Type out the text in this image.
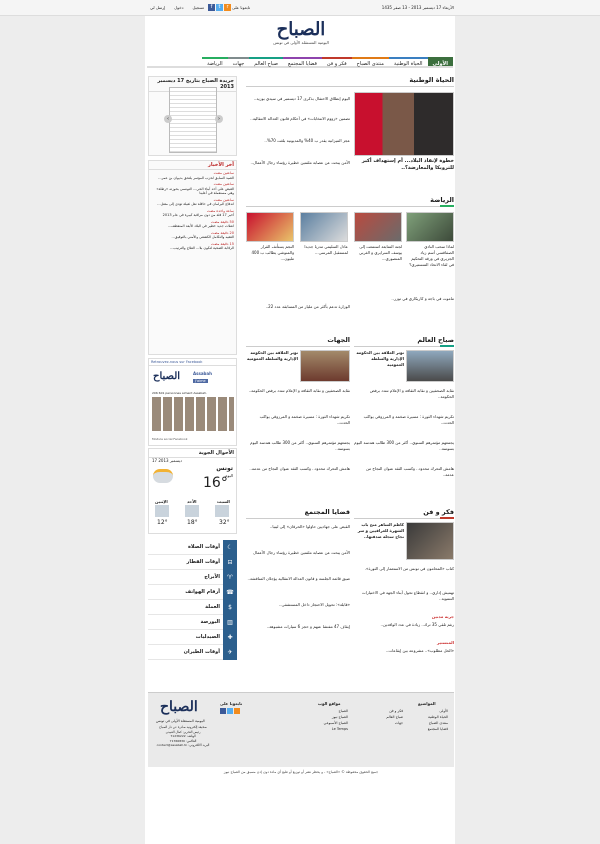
تسجيل
دخول
إرسل لي	f	t	r تابعونا على	الأربعاء 17 ديسمبر 2013 - 13 صفر 1435
الصباح
اليومية المستقلة الأولى في تونس
الأولى
الحياة الوطنية
منتدى الصباح
فكر و فن
قضايا المجتمع
صباح العالم
جهات
الرياضة
جريدة الصباح بتاريخ 17 ديسمبر 2013
‹	›
آخر الأخبار
ساعتين مضت
الصيد السابق لحزب المؤتمر يلتحق بديوان بن عمر...
ساعتين مضت
القبض على أحد أبناء الحي... التونسي بحوزته «رطلة» وهي مستعملة في أعلينا
ساعتين مضت
اندفاع البرلمان في حافلة نقل ثقيلة تؤدي إلى مقتل...
ساعة واحدة مضت
أخبر 17 فئة من دون مراقبة كبيرة في عام 2013
50 دقيقة مضت
انفلات جديد خطير في البلاد الأبعد المنعطف...
20 دقيقة مضت
الفقيه والتكامل الكشفي والأمني بالتوفيق...
15 دقيقة مضت
الرقابة الصحية لتكون بلا... الفلاح والترتيب...
Retrouvez-nous sur Facebook
الصباح	Assabah
J'aime
206 601 personnes aiment Assabah.
Module social Facebook
الأحوال الجوية
17 ديسمبر 2013
تونس
اليوم
16°
السبت
32°
الأحد
18°
الإثنين
12°
☾
أوقات الصلاة
⊟
أوقات القطار
♈
الأبراج
☎
أرقام الهواتف
$
العملة
▥
البورصة
✚
الصيدليات
✈
أوقات الطيران
الحياة الوطنية
خطوة لإنقاذ البلاد... أم إستهداف أكبر للترويكا والمعارضة؟..
اليوم إنطلاق الاحتفال بذكرى 17 ديسمبر في سيدي بوزيد..
تضمين «زووم الانتخابات» في أحكام قانون العدالة الانتقالية..
عجز الميزانية يقدر ب 40% والمديونية بلغت 70%..
الأمن يبحث عن عصابة ملثمين خطيرة رؤساء رجال الأعمال..
الرياضة
لماذا سحب النادي الصفاقسي أسم زياد الجزيري في ورقة التحكيم في لقاء الاتحاد المنستيري؟
لجنة المتابعة استمعت إلى يوسف السرايري و الغربي المنصوري...
عادل السليمي مدربا جديدا لمستقبل المرسى...
النجم يستأنف القرار والمنوشي يطالب ب 400 مليون...
ماموت في باجة و كاريكاري في توزر..
الوزارة تدعم بأكثر من مليار من المسابقة عدد 22..
صباح العالم
توتر العلاقة بين الحكومة الإدارية والسلطة العمومية
نقابة الصحفيين و نقابة الثقافة و الإعلام تنتدد برفض الحكومة..
تكريم شهداء الثورة : مسيرة ضخمة و المرزوقي يواكب الحدث..
يجمعهم مؤتمرهم السنوي.. أكثر من 300 طالب هندسة اليوم بسوسة..
هامش التحرك محدود.. وكسب الثقة عنوان النجاح من عدمه..
الجهات
توتر العلاقة بين الحكومة الإدارية والسلطة العمومية
نقابة الصحفيين و نقابة الثقافة و الإعلام تنتدد برفض الحكومة..
تكريم شهداء الثورة : مسيرة ضخمة و المرزوقي يواكب الحدث..
يجمعهم مؤتمرهم السنوي.. أكثر من 300 طالب هندسة اليوم بسوسة..
هامش التحرك محدود.. وكسب الثقة عنوان النجاح من عدمه..
فكر و فن
كاظم الساهر منح باب الشهرة للعراقيين و سر نجاح سجله صدفتها..
كتاب «المحامون في تونس من الاستعمار إلى الثورة».
تهميش إداري.. و انقطاع تحول أبناء الجهة في الاختيارات التنموية..
جربة مدنين
رغم تلقي 35 ترك.. زيادة في عدد الوافدين..
المنستير
«الحل مطلوب».. مشروعه بين إيقاعات..
قضايا المجتمع
القبض على جهاديين حاولوا «الحرقان» إلى ليبيا..
الأمن يبحث عن عصابة ملثمين خطيرة رؤساء رجال الأعمال
ضيق قائمة الجلسة و قانون العدالة الانتقالية يؤجلان المناقشة..
«قابلة»: تحويل الاحتجاز داخل المستشفى..
إيقاف 47 مفتشا عنهم و حجز 6 سيارات مشبوهة..
الصباح
اليومية المستقلة الأولى في تونس
صحيفة إلكترونية صادرة عن دار الصباح
رئيس التحرير: كمال العبيدي
الهاتف: 71236222
الفاكس: 71766830
البريد الالكتروني: contact@assabah.tn
تابعونا على	مواقع الوب
الصباح
الصباح نيوز
الصباح الأسبوعي
Le Temps
المواضيع
الأولى
الحياة الوطنية
منتدى الصباح
قضايا المجتمع
فكر و فن
صباح العالم
جهات
جميع الحقوق محفوظة © «الصباح» - و يحظر نشر أو توزيع أو طبع أي مادة دون إذن مسبق من الصباح نيوز
